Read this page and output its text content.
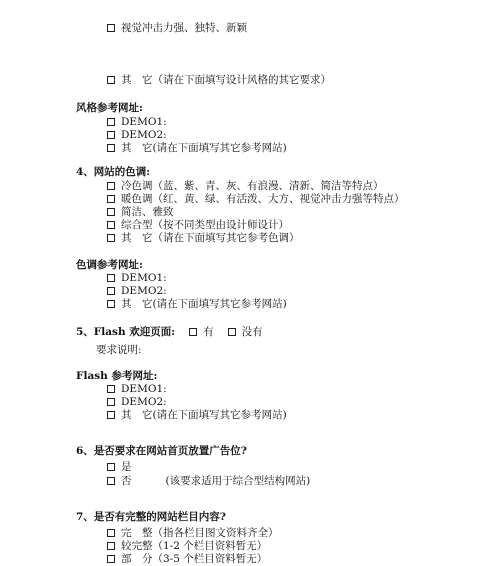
视觉冲击力强、独特、新颖
其　它（请在下面填写设计风格的其它要求）
风格参考网址:
DEMO1:
DEMO2:
其　它(请在下面填写其它参考网站)
4、网站的色调:
冷色调（蓝、紫、青、灰、有浪漫、清新、简洁等特点）
暖色调（红、黄、绿、有活泼、大方、视觉冲击力强等特点）
简洁、雅致
综合型（按不同类型由设计师设计）
其　它（请在下面填写其它参考色调）
色调参考网址:
DEMO1:
DEMO2:
其　它(请在下面填写其它参考网站)
5、Flash 欢迎页面:	有	没有
要求说明:
Flash 参考网址:
DEMO1:
DEMO2:
其　它(请在下面填写其它参考网站)
6、是否要求在网站首页放置广告位?
是
否	(该要求适用于综合型结构网站)
7、是否有完整的网站栏目内容?
完　整（指各栏目图文资料齐全）
较完整（1-2 个栏目资料暂无）
部　分（3-5 个栏目资料暂无）
